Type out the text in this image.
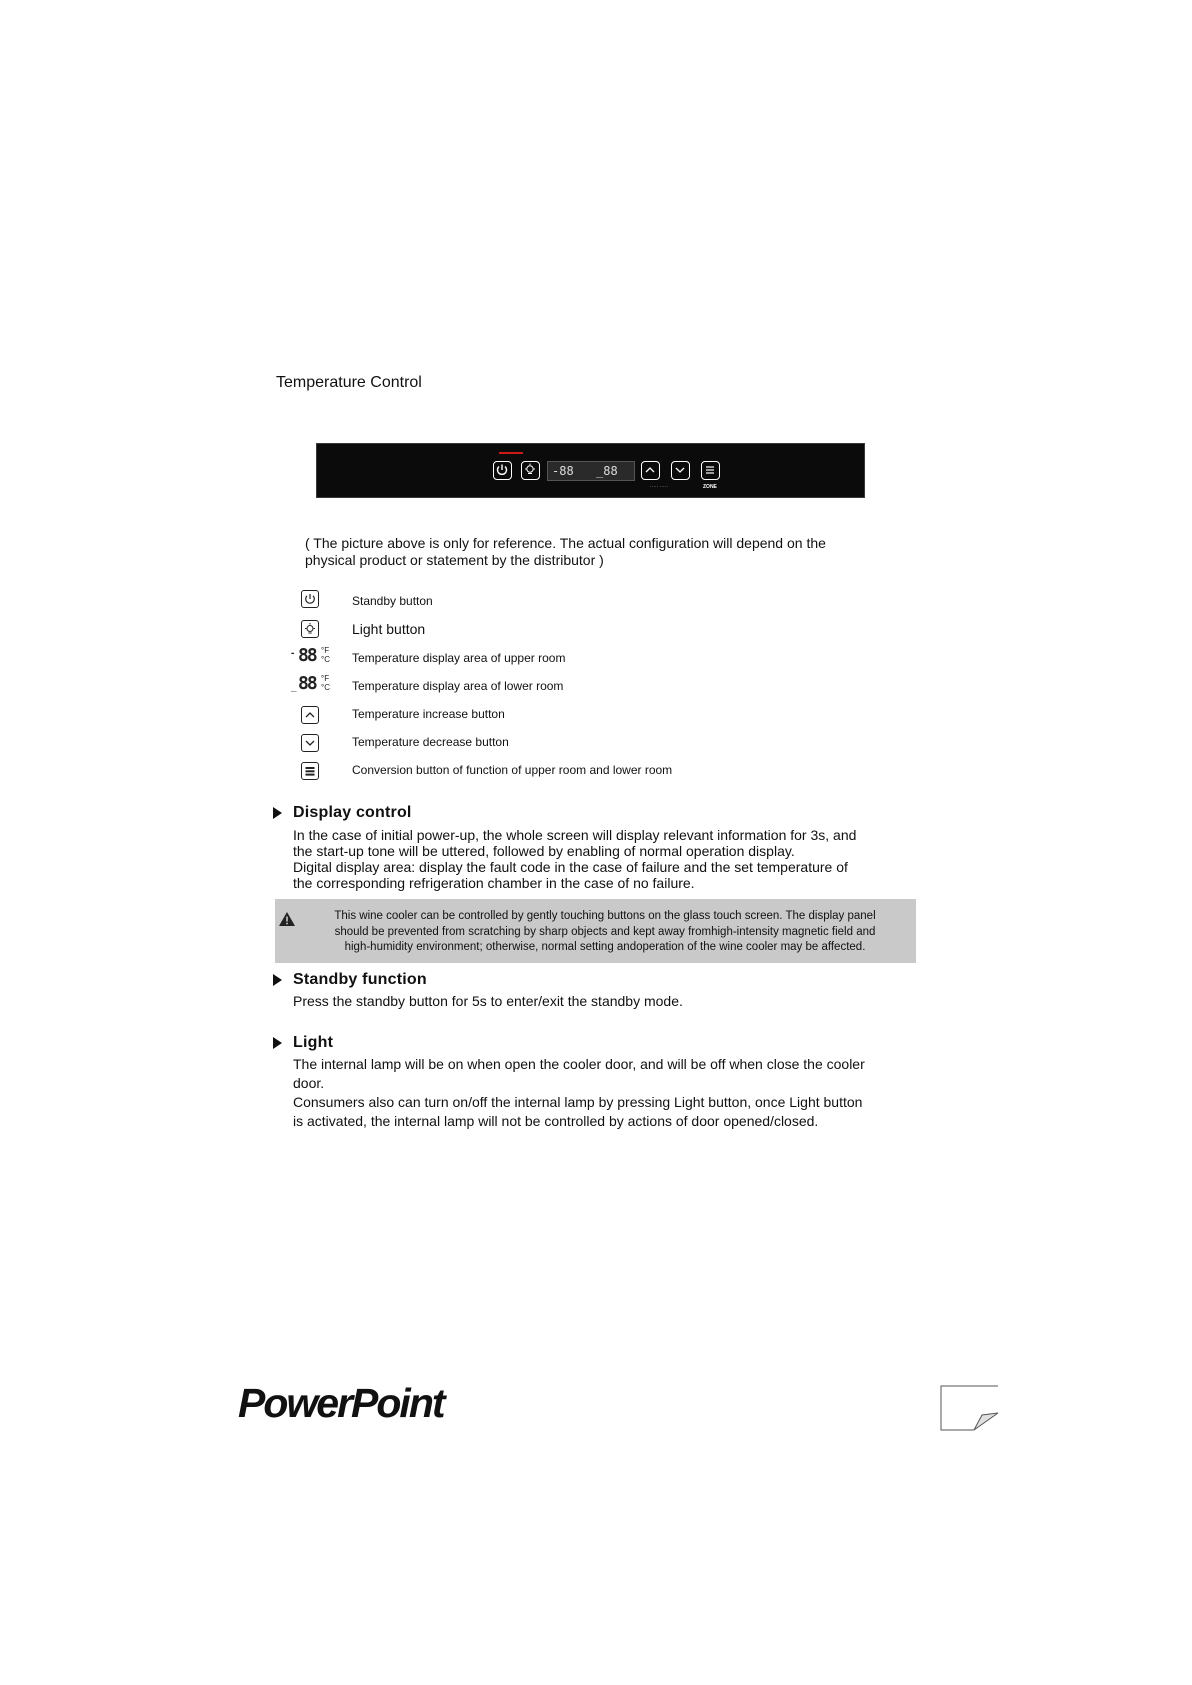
Temperature Control
-88 _88
····· ·····	ZONE
( The picture above is only for reference. The actual configuration will depend on the
physical product or statement by the distributor )
Standby button
Light button
- 88 °F
°C Temperature display area of upper room
_ 88 °F
°C Temperature display area of lower room
Temperature increase button
Temperature decrease button
Conversion button of function of upper room and lower room
Display control
In the case of initial power-up, the whole screen will display relevant information for 3s, and
the start-up tone will be uttered, followed by enabling of normal operation display.
Digital display area: display the fault code in the case of failure and the set temperature of
the corresponding refrigeration chamber in the case of no failure.
This wine cooler can be controlled by gently touching buttons on the glass touch screen. The display panel
should be prevented from scratching by sharp objects and kept away fromhigh-intensity magnetic field and
high-humidity environment; otherwise, normal setting andoperation of the wine cooler may be affected.
Standby function
Press the standby button for 5s to enter/exit the standby mode.
Light
The internal lamp will be on when open the cooler door, and will be off when close the cooler
door.
Consumers also can turn on/off the internal lamp by pressing Light button, once Light button
is activated, the internal lamp will not be controlled by actions of door opened/closed.
PowerPoint
